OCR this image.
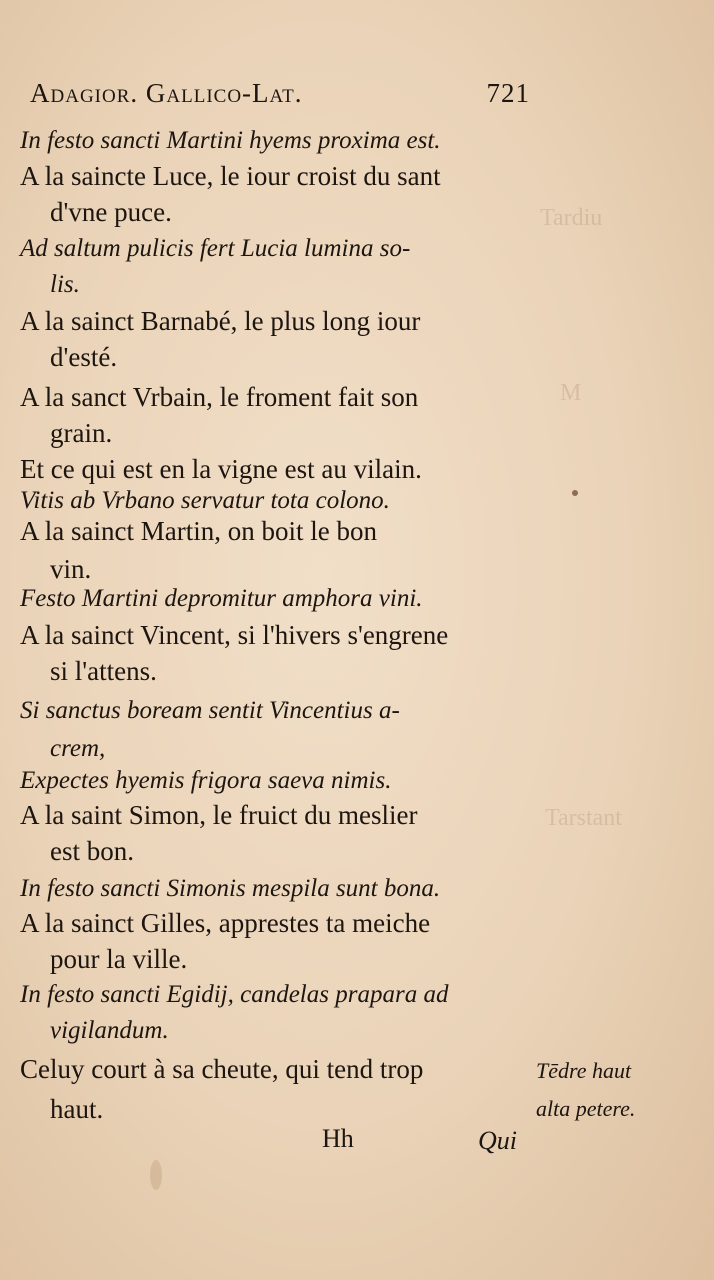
Tardiu
M
Tarstant
Adagior. Gallico-Lat.	721
In festo sancti Martini hyems proxima est.
A la saincte Luce, le iour croist du sant
d'vne puce.
Ad saltum pulicis fert Lucia lumina so-
lis.
A la sainct Barnabé, le plus long iour
d'esté.
A la sanct Vrbain, le froment fait son
grain.
Et ce qui est en la vigne est au vilain.
Vitis ab Vrbano servatur tota colono.
A la sainct Martin, on boit le bon
vin.
Festo Martini depromitur amphora vini.
A la sainct Vincent, si l'hivers s'engrene
si l'attens.
Si sanctus boream sentit Vincentius a-
crem,
Expectes hyemis frigora saeva nimis.
A la saint Simon, le fruict du meslier
est bon.
In festo sancti Simonis mespila sunt bona.
A la sainct Gilles, apprestes ta meiche
pour la ville.
In festo sancti Egidij, candelas prapara ad
vigilandum.
Celuy court à sa cheute, qui tend trop
haut.
Tēdre haut
alta petere.
Hh	Qui
